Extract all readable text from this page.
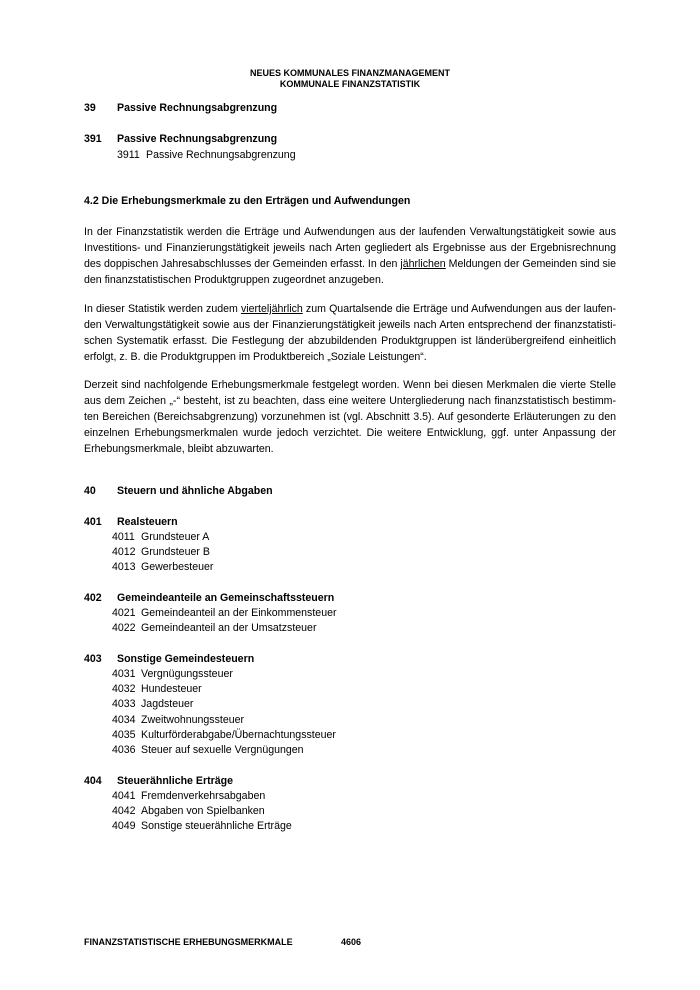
NEUES KOMMUNALES FINANZMANAGEMENT
KOMMUNALE FINANZSTATISTIK
39 Passive Rechnungsabgrenzung
391 Passive Rechnungsabgrenzung
3911 Passive Rechnungsabgrenzung
4.2 Die Erhebungsmerkmale zu den Erträgen und Aufwendungen
In der Finanzstatistik werden die Erträge und Aufwendungen aus der laufenden Verwaltungstätigkeit sowie aus
Investitions- und Finanzierungstätigkeit jeweils nach Arten gegliedert als Ergebnisse aus der Ergebnisrechnung
des doppischen Jahresabschlusses der Gemeinden erfasst. In den jährlichen Meldungen der Gemeinden sind sie
den finanzstatistischen Produktgruppen zugeordnet anzugeben.
In dieser Statistik werden zudem vierteljährlich zum Quartalsende die Erträge und Aufwendungen aus der laufen-
den Verwaltungstätigkeit sowie aus der Finanzierungstätigkeit jeweils nach Arten entsprechend der finanzstatisti-
schen Systematik erfasst. Die Festlegung der abzubildenden Produktgruppen ist länderübergreifend einheitlich
erfolgt, z. B. die Produktgruppen im Produktbereich „Soziale Leistungen“.
Derzeit sind nachfolgende Erhebungsmerkmale festgelegt worden. Wenn bei diesen Merkmalen die vierte Stelle
aus dem Zeichen „-“ besteht, ist zu beachten, dass eine weitere Untergliederung nach finanzstatistisch bestimm-
ten Bereichen (Bereichsabgrenzung) vorzunehmen ist (vgl. Abschnitt 3.5). Auf gesonderte Erläuterungen zu den
einzelnen Erhebungsmerkmalen wurde jedoch verzichtet. Die weitere Entwicklung, ggf. unter Anpassung der
Erhebungsmerkmale, bleibt abzuwarten.
40 Steuern und ähnliche Abgaben
401 Realsteuern
4011 Grundsteuer A
4012 Grundsteuer B
4013 Gewerbesteuer
402 Gemeindeanteile an Gemeinschaftssteuern
4021 Gemeindeanteil an der Einkommensteuer
4022 Gemeindeanteil an der Umsatzsteuer
403 Sonstige Gemeindesteuern
4031 Vergnügungssteuer
4032 Hundesteuer
4033 Jagdsteuer
4034 Zweitwohnungssteuer
4035 Kulturförderabgabe/Übernachtungssteuer
4036 Steuer auf sexuelle Vergnügungen
404 Steuerähnliche Erträge
4041 Fremdenverkehrsabgaben
4042 Abgaben von Spielbanken
4049 Sonstige steuerähnliche Erträge
FINANZSTATISTISCHE ERHEBUNGSMERKMALE	4606
